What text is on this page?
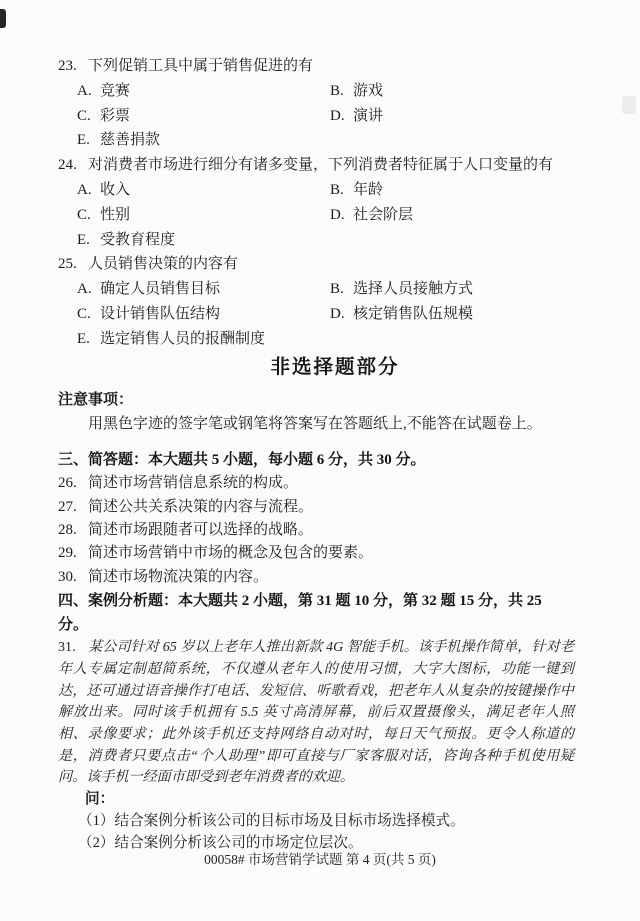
23. 下列促销工具中属于销售促进的有
A. 竞赛	B. 游戏
C. 彩票	D. 演讲
E. 慈善捐款
24. 对消费者市场进行细分有诸多变量，下列消费者特征属于人口变量的有
A. 收入	B. 年龄
C. 性别	D. 社会阶层
E. 受教育程度
25. 人员销售决策的内容有
A. 确定人员销售目标	B. 选择人员接触方式
C. 设计销售队伍结构	D. 核定销售队伍规模
E. 选定销售人员的报酬制度
非选择题部分
注意事项：
用黑色字迹的签字笔或钢笔将答案写在答题纸上,不能答在试题卷上。
三、简答题：本大题共 5 小题，每小题 6 分，共 30 分。
26. 简述市场营销信息系统的构成。
27. 简述公共关系决策的内容与流程。
28. 简述市场跟随者可以选择的战略。
29. 简述市场营销中市场的概念及包含的要素。
30. 简述市场物流决策的内容。
四、案例分析题：本大题共 2 小题，第 31 题 10 分，第 32 题 15 分，共 25 分。

31. 某公司针对 65 岁以上老年人推出新款 4G 智能手机。该手机操作简单，针对老年人专属定制超简系统，不仅遵从老年人的使用习惯，大字大图标，功能一键到达，还可通过语音操作打电话、发短信、听歌看戏，把老年人从复杂的按键操作中解放出来。同时该手机拥有 5.5 英寸高清屏幕，前后双置摄像头，满足老年人照相、录像要求；此外该手机还支持网络自动对时，每日天气预报。更令人称道的是，消费者只要点击“个人助理”即可直接与厂家客服对话，咨询各种手机使用疑问。该手机一经面市即受到老年消费者的欢迎。

问：
（1）结合案例分析该公司的目标市场及目标市场选择模式。
（2）结合案例分析该公司的市场定位层次。
00058# 市场营销学试题 第 4 页(共 5 页)
